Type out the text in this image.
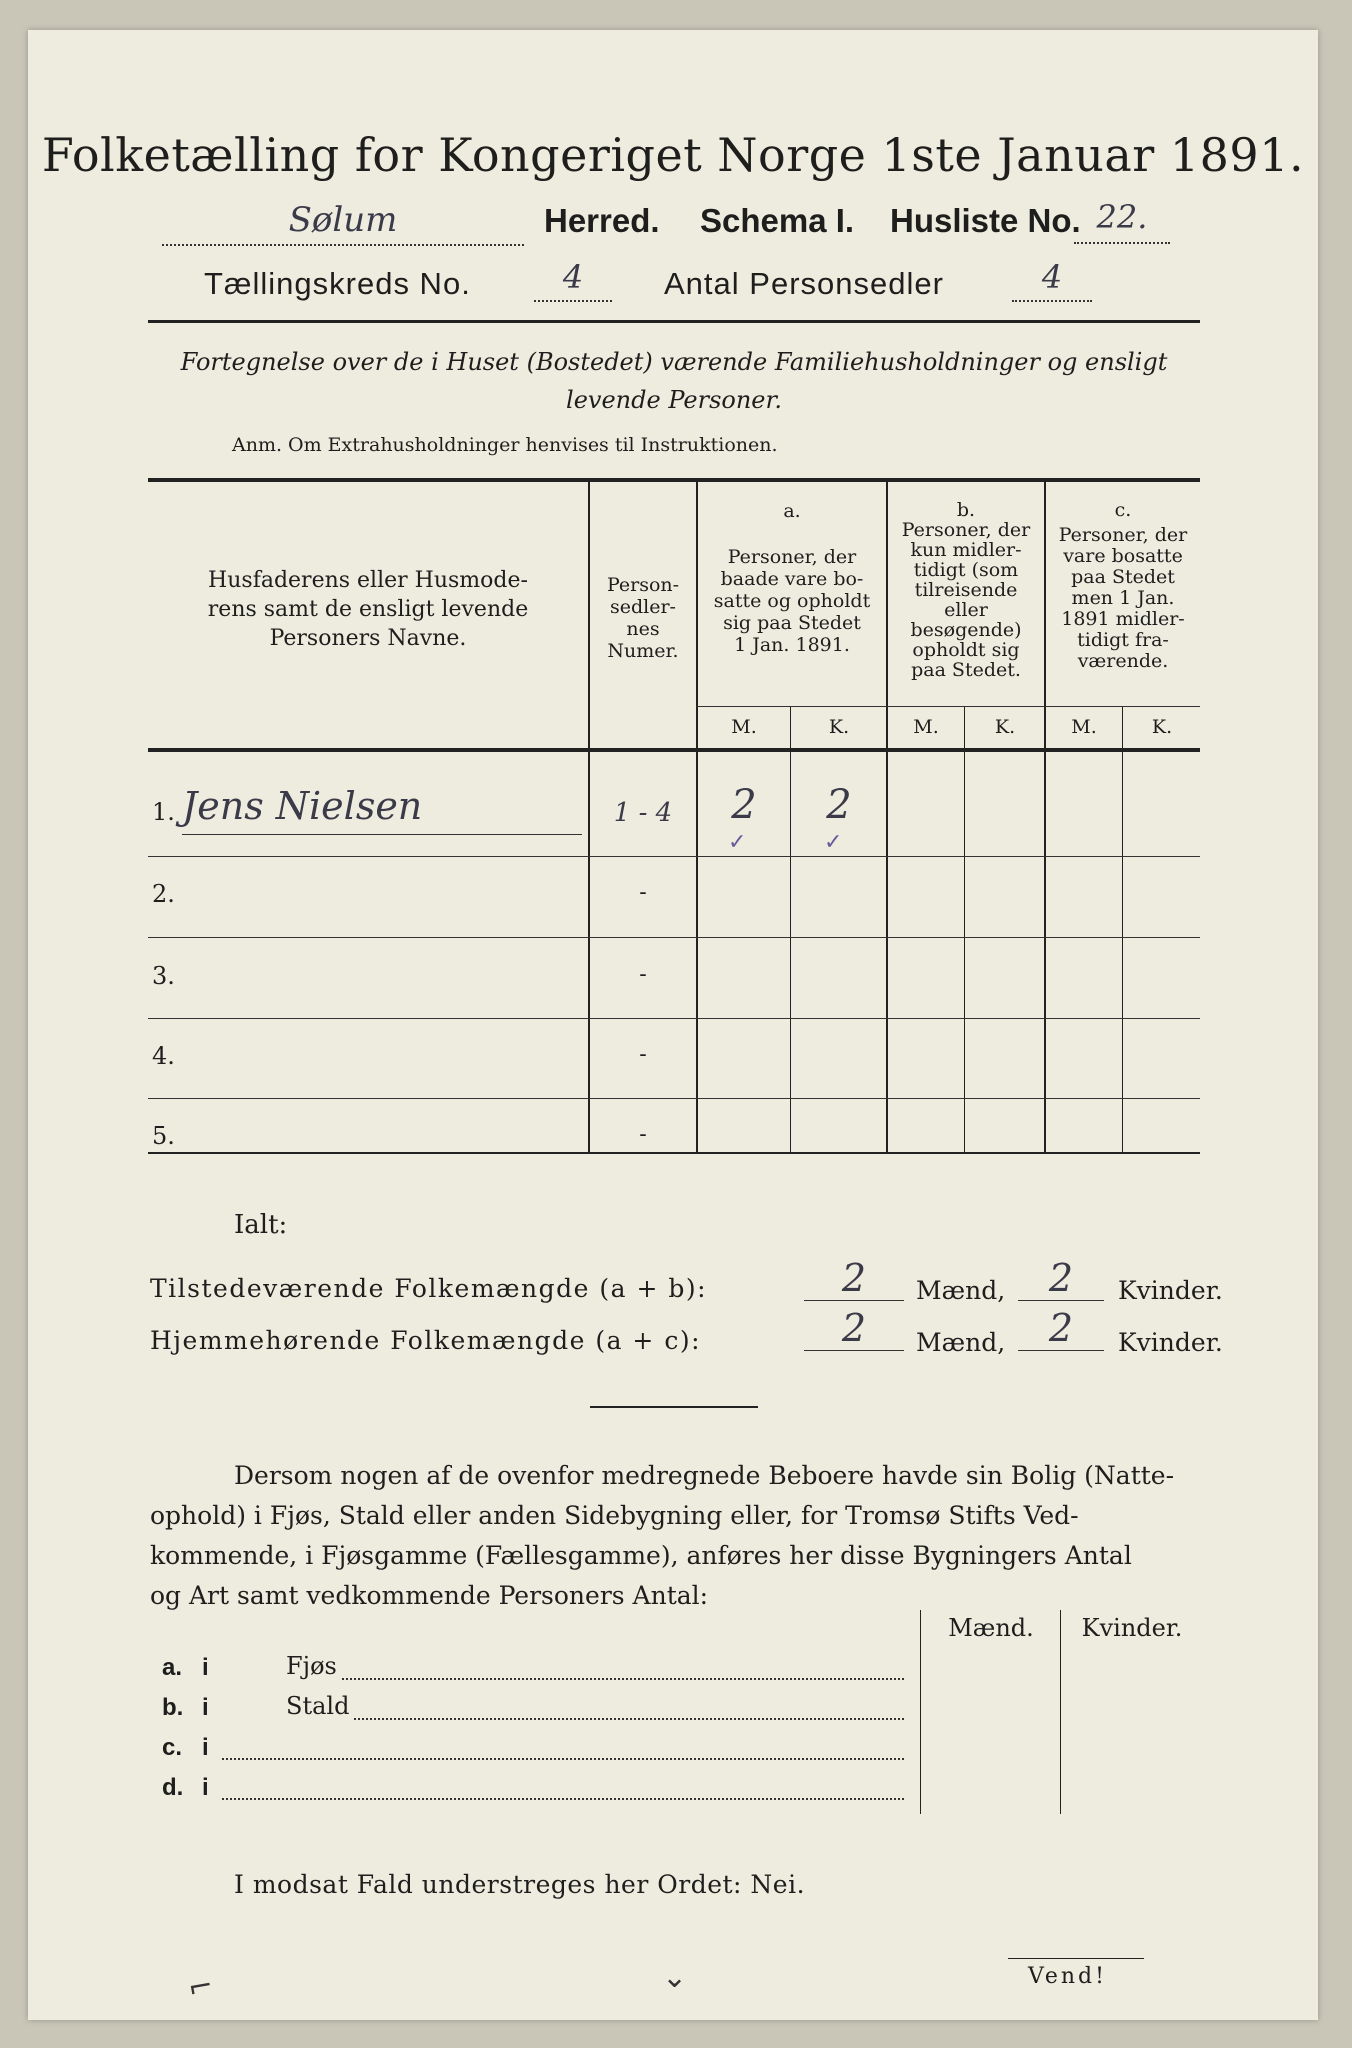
Folketælling for Kongeriget Norge 1ste Januar 1891.
Sølum	Herred. Schema I. Husliste No. 22.
Tællingskreds No.	4	Antal Personsedler	4
Fortegnelse over de i Huset (Bostedet) værende Familiehusholdninger og ensligt
levende Personer.
Anm. Om Extrahusholdninger henvises til Instruktionen.
Husfaderens eller Husmode-
rens samt de ensligt levende
Personers Navne.
Person-
sedler-
nes
Numer.
a.
Personer, der
baade vare bo-
satte og opholdt
sig paa Stedet
1 Jan. 1891.
b.
Personer, der
kun midler-
tidigt (som
tilreisende
eller
besøgende)
opholdt sig
paa Stedet.
c.
Personer, der
vare bosatte
paa Stedet
men 1 Jan.
1891 midler-
tidigt fra-
værende.
M.	K.	M.	K.	M.	K.
1. Jens Nielsen	1 - 4	2	2
✓	✓
2.	-
3.	-
4.	-
5.	-
Ialt:
Tilstedeværende Folkemængde (a + b):	2	Mænd,	2	Kvinder.
Hjemmehørende Folkemængde (a + c):	2	Mænd,	2	Kvinder.
Dersom nogen af de ovenfor medregnede Beboere havde sin Bolig (Natte-
ophold) i Fjøs, Stald eller anden Sidebygning eller, for Tromsø Stifts Ved-
kommende, i Fjøsgamme (Fællesgamme), anføres her disse Bygningers Antal
og Art samt vedkommende Personers Antal:
Mænd.	Kvinder.
a. i	Fjøs
b. i	Stald
c. i
d. i
I modsat Fald understreges her Ordet: Nei.
Vend!
⌐	⌄
